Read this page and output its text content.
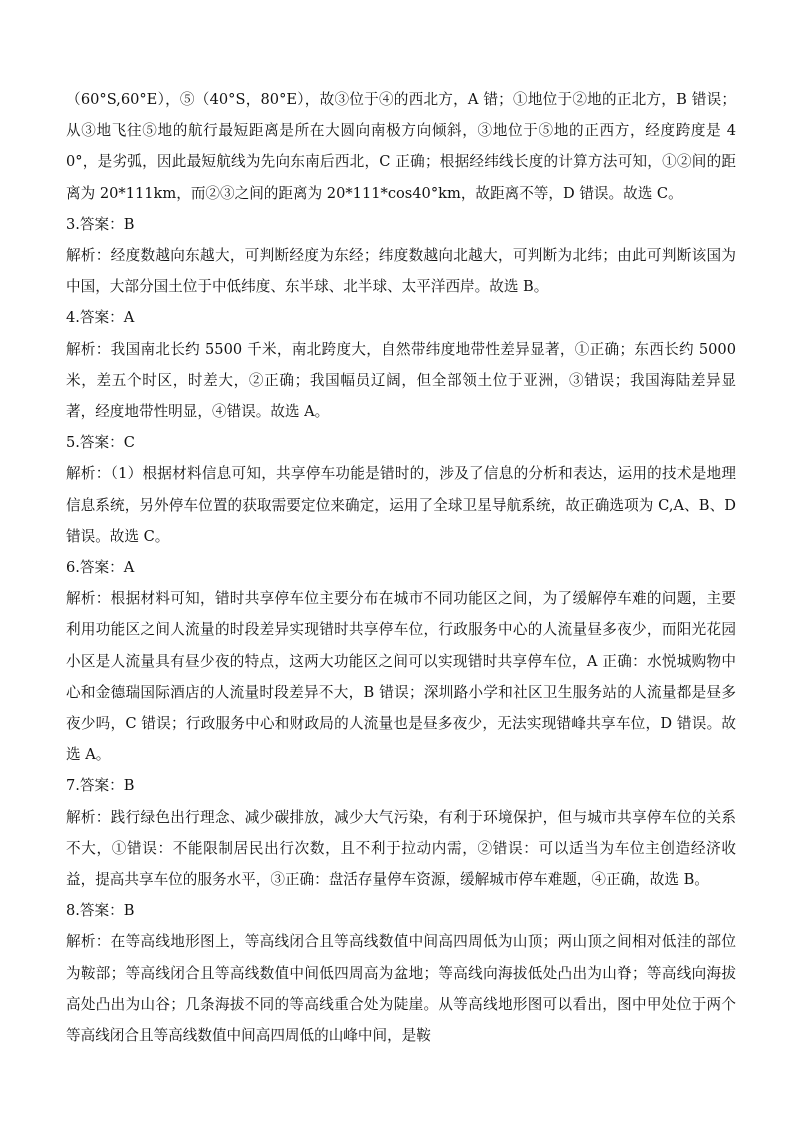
（60°S,60°E），⑤（40°S，80°E），故③位于④的西北方，A 错；①地位于②地的正北方，B 错误；从③地飞往⑤地的航行最短距离是所在大圆向南极方向倾斜，③地位于⑤地的正西方，经度跨度是 40°，是劣弧，因此最短航线为先向东南后西北，C 正确；根据经纬线长度的计算方法可知，①②间的距离为 20*111km，而②③之间的距离为 20*111*cos40°km，故距离不等，D 错误。故选 C。

3.答案：B

解析：经度数越向东越大，可判断经度为东经；纬度数越向北越大，可判断为北纬；由此可判断该国为中国，大部分国土位于中低纬度、东半球、北半球、太平洋西岸。故选 B。

4.答案：A

解析：我国南北长约 5500 千米，南北跨度大，自然带纬度地带性差异显著，①正确；东西长约 5000 米，差五个时区，时差大，②正确；我国幅员辽阔，但全部领土位于亚洲，③错误；我国海陆差异显著，经度地带性明显，④错误。故选 A。

5.答案：C

解析：（1）根据材料信息可知，共享停车功能是错时的，涉及了信息的分析和表达，运用的技术是地理信息系统，另外停车位置的获取需要定位来确定，运用了全球卫星导航系统，故正确选项为 C,A、B、D 错误。故选 C。

6.答案：A

解析：根据材料可知，错时共享停车位主要分布在城市不同功能区之间，为了缓解停车难的问题，主要利用功能区之间人流量的时段差异实现错时共享停车位，行政服务中心的人流量昼多夜少，而阳光花园小区是人流量具有昼少夜的特点，这两大功能区之间可以实现错时共享停车位，A 正确：水悦城购物中心和金德瑞国际酒店的人流量时段差异不大，B 错误；深圳路小学和社区卫生服务站的人流量都是昼多夜少吗，C 错误；行政服务中心和财政局的人流量也是昼多夜少，无法实现错峰共享车位，D 错误。故选 A。

7.答案：B

解析：践行绿色出行理念、减少碳排放，减少大气污染，有利于环境保护，但与城市共享停车位的关系不大，①错误：不能限制居民出行次数，且不利于拉动内需，②错误：可以适当为车位主创造经济收益，提高共享车位的服务水平，③正确：盘活存量停车资源，缓解城市停车难题，④正确，故选 B。

8.答案：B

解析：在等高线地形图上，等高线闭合且等高线数值中间高四周低为山顶；两山顶之间相对低洼的部位为鞍部；等高线闭合且等高线数值中间低四周高为盆地；等高线向海拔低处凸出为山脊；等高线向海拔高处凸出为山谷；几条海拔不同的等高线重合处为陡崖。从等高线地形图可以看出，图中甲处位于两个等高线闭合且等高线数值中间高四周低的山峰中间，是鞍
